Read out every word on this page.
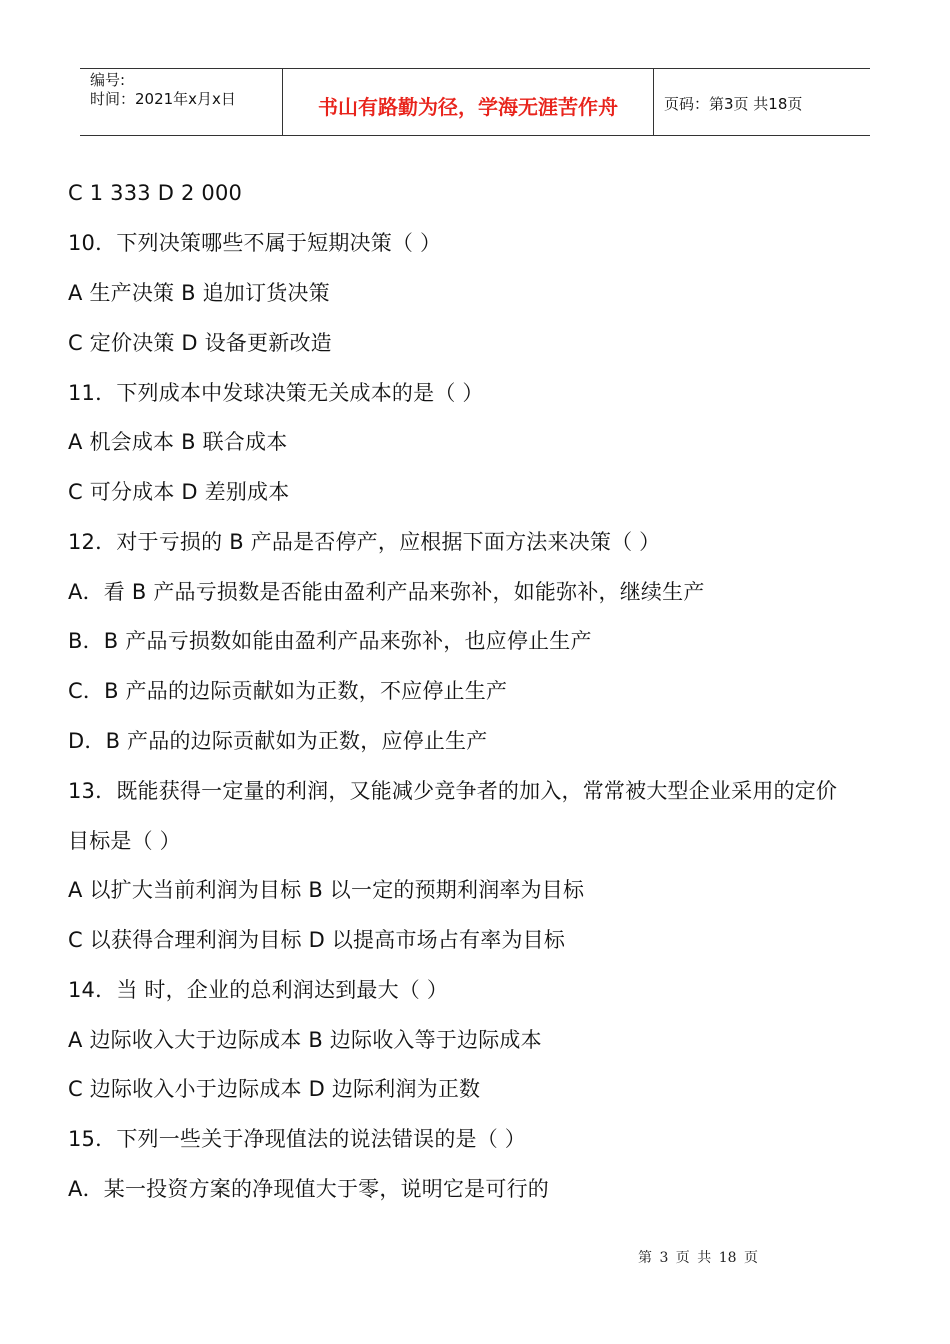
编号:
时间：2021年x月x日	书山有路勤为径，学海无涯苦作舟	页码：第3页 共18页
C 1 333 D 2 000
10．下列决策哪些不属于短期决策（ ）
A 生产决策 B 追加订货决策
C 定价决策 D 设备更新改造
11．下列成本中发球决策无关成本的是（ ）
A 机会成本 B 联合成本
C 可分成本 D 差别成本
12．对于亏损的 B 产品是否停产，应根据下面方法来决策（ ）
A．看 B 产品亏损数是否能由盈利产品来弥补，如能弥补，继续生产
B．B 产品亏损数如能由盈利产品来弥补，也应停止生产
C．B 产品的边际贡献如为正数，不应停止生产
D．B 产品的边际贡献如为正数，应停止生产
13．既能获得一定量的利润，又能减少竞争者的加入，常常被大型企业采用的定价
目标是（ ）
A 以扩大当前利润为目标 B 以一定的预期利润率为目标
C 以获得合理利润为目标 D 以提高市场占有率为目标
14．当 时，企业的总利润达到最大（ ）
A 边际收入大于边际成本 B 边际收入等于边际成本
C 边际收入小于边际成本 D 边际利润为正数
15．下列一些关于净现值法的说法错误的是（ ）
A．某一投资方案的净现值大于零，说明它是可行的
第 3 页 共 18 页
